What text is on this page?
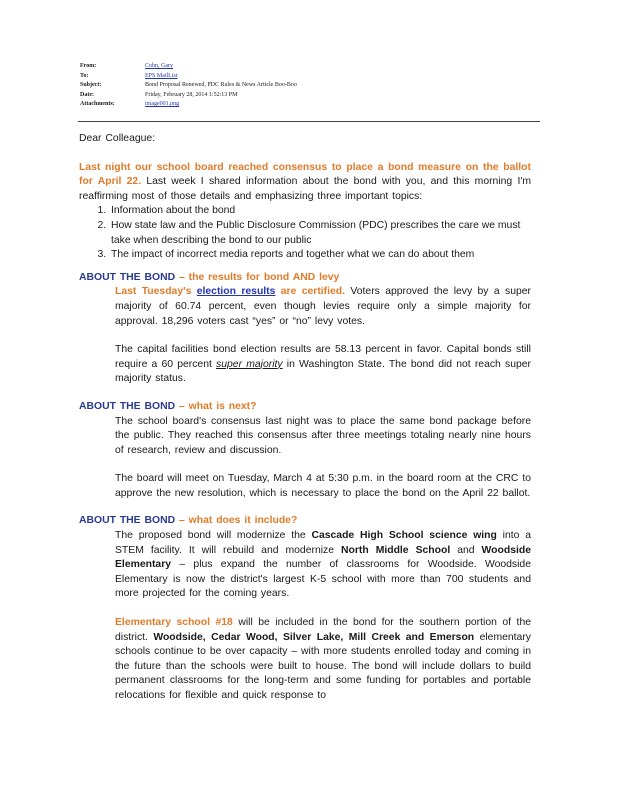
From:	Cohn, Gary
To:	EPS MailList
Subject:	Bond Proposal Renewed, PDC Rules & News Article Boo-Boo
Date:	Friday, February 28, 2014 1:52:13 PM
Attachments:	image001.png

Dear Colleague:

Last night our school board reached consensus to place a bond measure on the ballot for April 22. Last week I shared information about the bond with you, and this morning I'm reaffirming most of those details and emphasizing three important topics:

1. Information about the bond
2. How state law and the Public Disclosure Commission (PDC) prescribes the care we must take when describing the bond to our public
3. The impact of incorrect media reports and together what we can do about them

ABOUT THE BOND – the results for bond AND levy

Last Tuesday's election results are certified. Voters approved the levy by a super majority of 60.74 percent, even though levies require only a simple majority for approval. 18,296 voters cast “yes” or “no” levy votes.

The capital facilities bond election results are 58.13 percent in favor. Capital bonds still require a 60 percent super majority in Washington State. The bond did not reach super majority status.

ABOUT THE BOND – what is next?

The school board's consensus last night was to place the same bond package before the public. They reached this consensus after three meetings totaling nearly nine hours of research, review and discussion.

The board will meet on Tuesday, March 4 at 5:30 p.m. in the board room at the CRC to approve the new resolution, which is necessary to place the bond on the April 22 ballot.

ABOUT THE BOND – what does it include?

The proposed bond will modernize the Cascade High School science wing into a STEM facility. It will rebuild and modernize North Middle School and Woodside Elementary – plus expand the number of classrooms for Woodside. Woodside Elementary is now the district's largest K-5 school with more than 700 students and more projected for the coming years.

Elementary school #18 will be included in the bond for the southern portion of the district. Woodside, Cedar Wood, Silver Lake, Mill Creek and Emerson elementary schools continue to be over capacity – with more students enrolled today and coming in the future than the schools were built to house. The bond will include dollars to build permanent classrooms for the long-term and some funding for portables and portable relocations for flexible and quick response to
